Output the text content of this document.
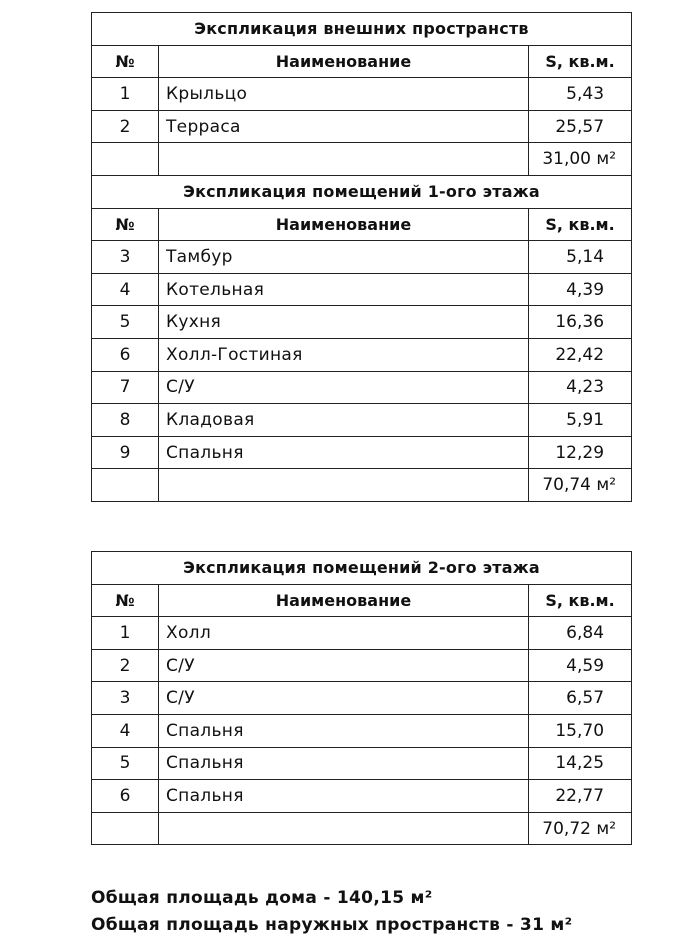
Экспликация внешних пространств		
№	Наименование	S, кв.м.
1	Крыльцо	5,43
2	Терраса	25,57
		31,00 м²
Экспликация помещений 1-ого этажа		
№	Наименование	S, кв.м.
3	Тамбур	5,14
4	Котельная	4,39
5	Кухня	16,36
6	Холл-Гостиная	22,42
7	С/У	4,23
8	Кладовая	5,91
9	Спальня	12,29
		70,74 м²
Экспликация помещений 2-ого этажа		
№	Наименование	S, кв.м.
1	Холл	6,84
2	С/У	4,59
3	С/У	6,57
4	Спальня	15,70
5	Спальня	14,25
6	Спальня	22,77
		70,72 м²
Общая площадь дома - 140,15 м²
Общая площадь наружных пространств - 31 м²
